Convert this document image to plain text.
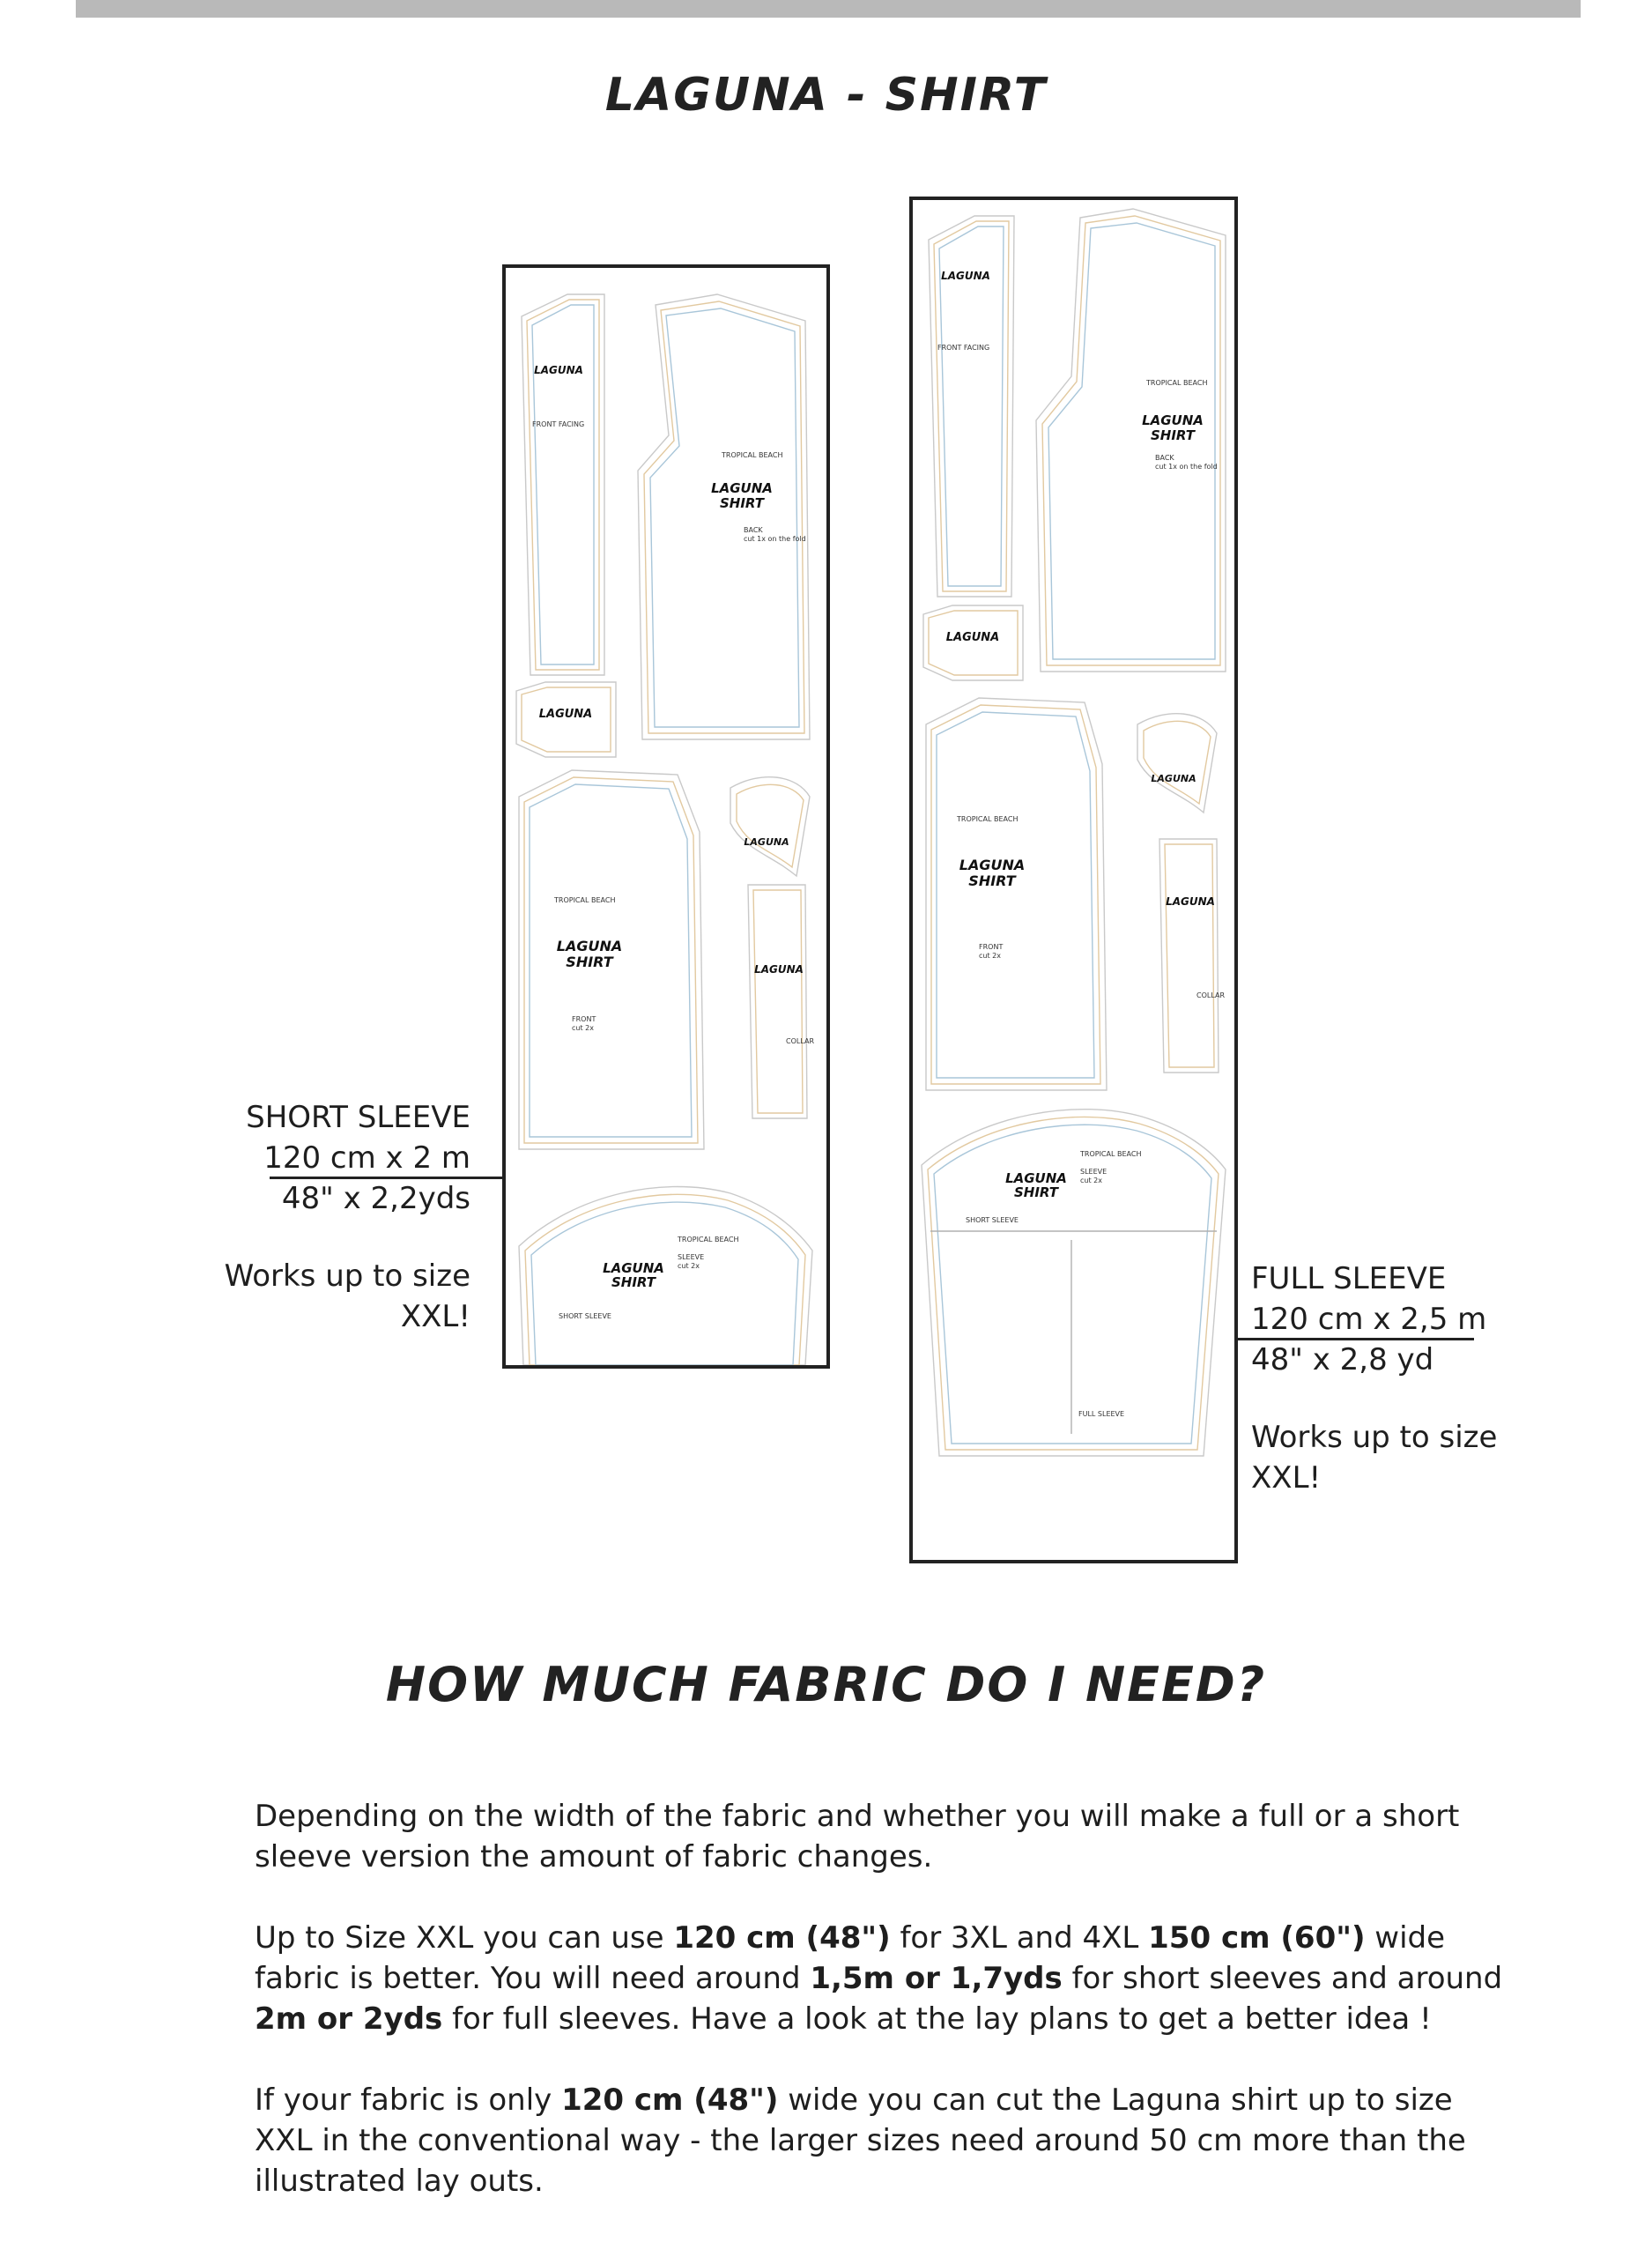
LAGUNA - SHIRT
LAGUNA
LAGUNA
SHIRT
LAGUNA
LAGUNA
SHIRT
LAGUNA
LAGUNA
LAGUNA
SHIRT
BACK
cut 1x on the fold
TROPICAL BEACH
FRONT
cut 2x
TROPICAL BEACH
SLEEVE
cut 2x
TROPICAL BEACH
SHORT SLEEVE
FRONT FACING
COLLAR
LAGUNA
LAGUNA
SHIRT
LAGUNA
LAGUNA
SHIRT
LAGUNA
LAGUNA
LAGUNA
SHIRT
BACK
cut 1x on the fold
TROPICAL BEACH
FRONT
cut 2x
TROPICAL BEACH
SLEEVE
cut 2x
TROPICAL BEACH
SHORT SLEEVE
FULL SLEEVE
FRONT FACING
COLLAR
SHORT SLEEVE
120 cm x 2 m
48" x 2,2yds
Works up to size
XXL!
FULL SLEEVE
120 cm x 2,5 m
48" x 2,8 yd
Works up to size
XXL!
HOW MUCH FABRIC DO I NEED?

Depending on the width of the fabric and whether you will make a full or a short sleeve version the amount of fabric changes.

Up to Size XXL you can use 120 cm (48") for 3XL and 4XL 150 cm (60") wide fabric is better. You will need around 1,5m or 1,7yds for short sleeves and around 2m or 2yds for full sleeves. Have a look at the lay plans to get a better idea !

If your fabric is only 120 cm (48") wide you can cut the Laguna shirt up to size XXL in the conventional way - the larger sizes need around 50 cm more than the illustrated lay outs.
